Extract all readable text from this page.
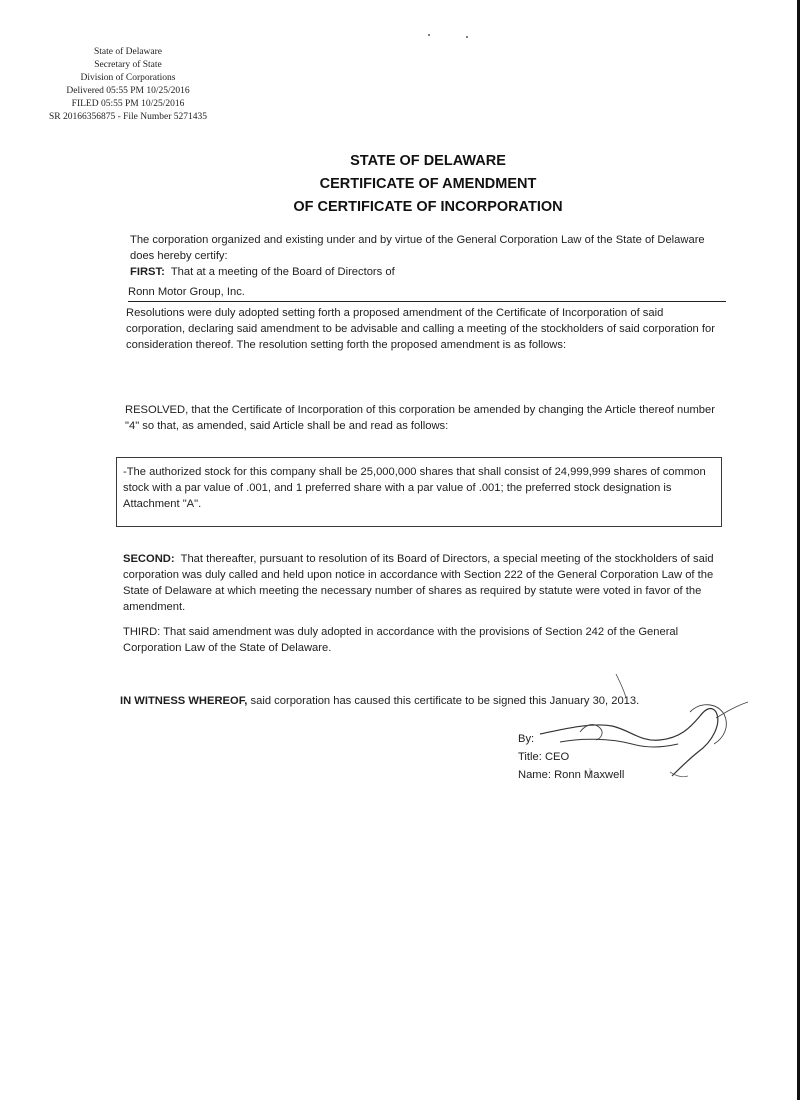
State of Delaware
Secretary of State
Division of Corporations
Delivered 05:55 PM 10/25/2016
FILED 05:55 PM 10/25/2016
SR 20166356875 - File Number 5271435
STATE OF DELAWARE
CERTIFICATE OF AMENDMENT
OF CERTIFICATE OF INCORPORATION
The corporation organized and existing under and by virtue of the General Corporation Law of the State of Delaware does hereby certify:
FIRST: That at a meeting of the Board of Directors of
Ronn Motor Group, Inc.
Resolutions were duly adopted setting forth a proposed amendment of the Certificate of Incorporation of said corporation, declaring said amendment to be advisable and calling a meeting of the stockholders of said corporation for consideration thereof. The resolution setting forth the proposed amendment is as follows:
RESOLVED, that the Certificate of Incorporation of this corporation be amended by changing the Article thereof number "4" so that, as amended, said Article shall be and read as follows:
-The authorized stock for this company shall be 25,000,000 shares that shall consist of 24,999,999 shares of common stock with a par value of .001, and 1 preferred share with a par value of .001; the preferred stock designation is Attachment "A".
SECOND: That thereafter, pursuant to resolution of its Board of Directors, a special meeting of the stockholders of said corporation was duly called and held upon notice in accordance with Section 222 of the General Corporation Law of the State of Delaware at which meeting the necessary number of shares as required by statute were voted in favor of the amendment.
THIRD: That said amendment was duly adopted in accordance with the provisions of Section 242 of the General Corporation Law of the State of Delaware.
IN WITNESS WHEREOF, said corporation has caused this certificate to be signed this January 30, 2013.
By:
Title: CEO
Name: Ronn Maxwell
